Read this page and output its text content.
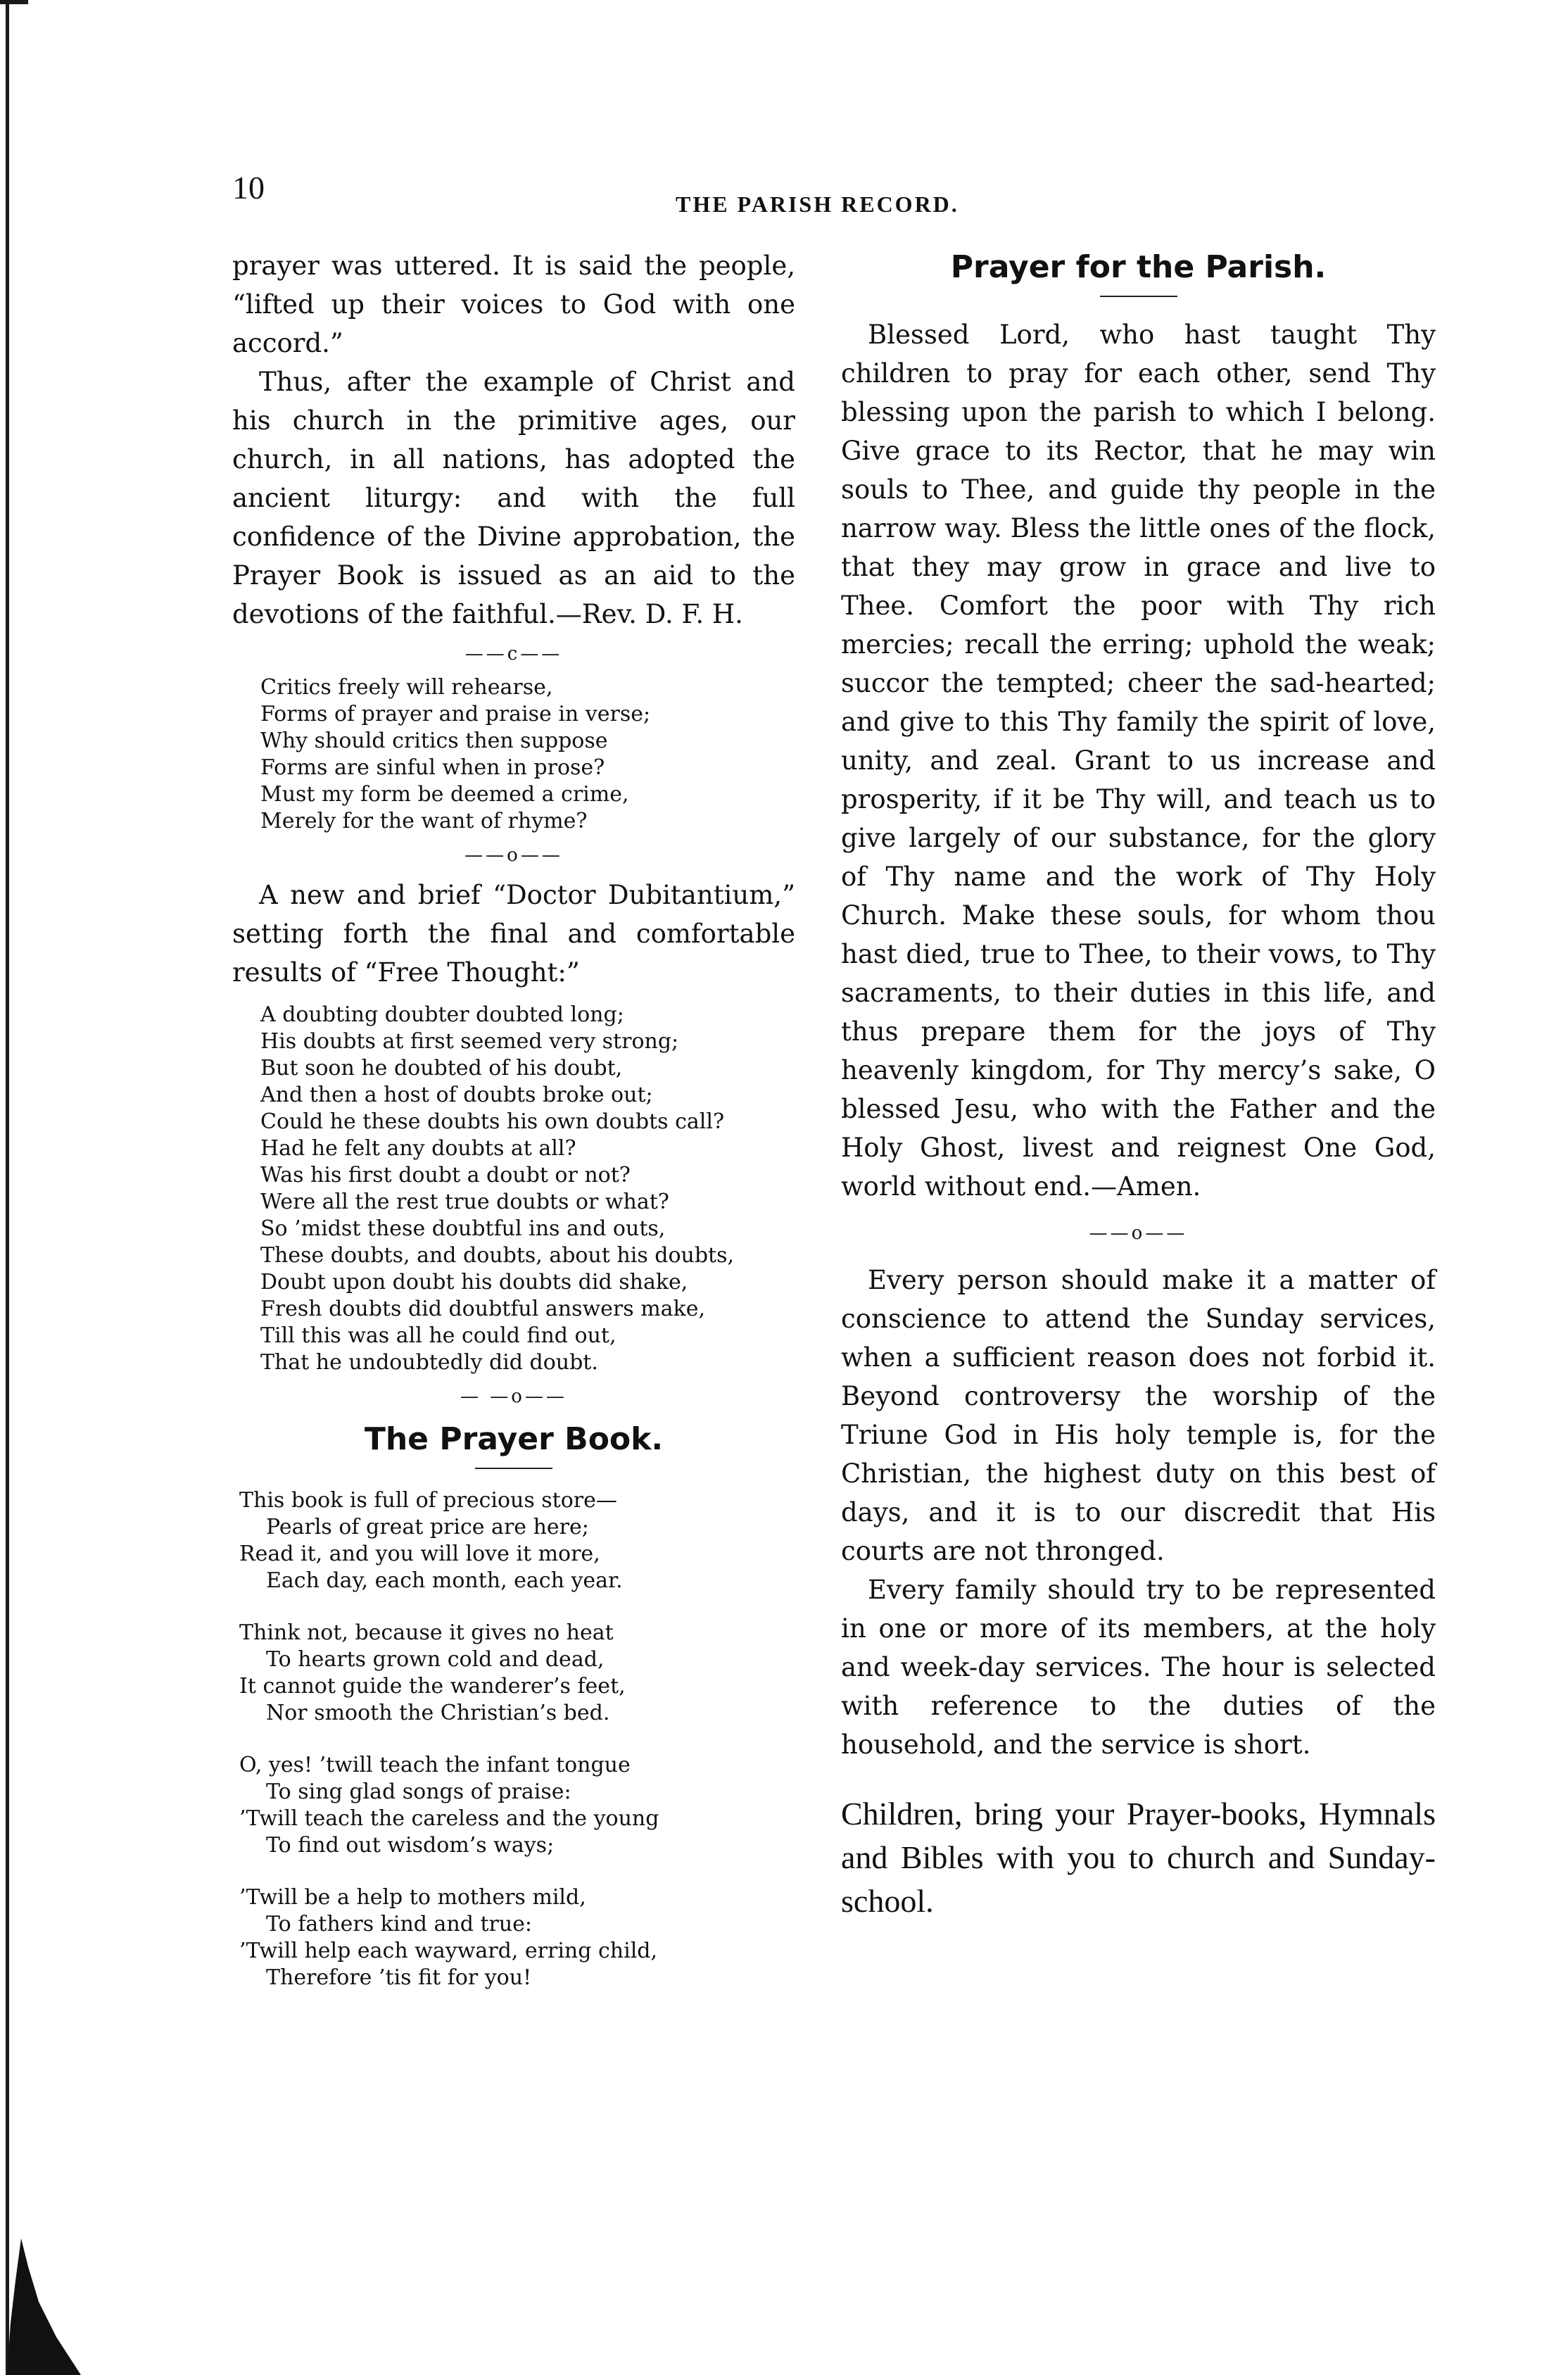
10	THE PARISH RECORD.

prayer was uttered. It is said the people, “lifted up their voices to God with one accord.”

Thus, after the example of Christ and his church in the primitive ages, our church, in all nations, has adopted the ancient liturgy: and with the full confidence of the Divine approbation, the Prayer Book is issued as an aid to the devotions of the faithful.—Rev. D. F. H.

——c——
Critics freely will rehearse,
Forms of prayer and praise in verse;
Why should critics then suppose
Forms are sinful when in prose?
Must my form be deemed a crime,
Merely for the want of rhyme?
——o——

A new and brief “Doctor Dubitantium,” setting forth the final and comfortable results of “Free Thought:”

A doubting doubter doubted long;
His doubts at first seemed very strong;
But soon he doubted of his doubt,
And then a host of doubts broke out;
Could he these doubts his own doubts call?
Had he felt any doubts at all?
Was his first doubt a doubt or not?
Were all the rest true doubts or what?
So ’midst these doubtful ins and outs,
These doubts, and doubts, about his doubts,
Doubt upon doubt his doubts did shake,
Fresh doubts did doubtful answers make,
Till this was all he could find out,
That he undoubtedly did doubt.
— —o——
The Prayer Book.
This book is full of precious store—
Pearls of great price are here;
Read it, and you will love it more,
Each day, each month, each year.
Think not, because it gives no heat
To hearts grown cold and dead,
It cannot guide the wanderer’s feet,
Nor smooth the Christian’s bed.
O, yes! ’twill teach the infant tongue
To sing glad songs of praise:
’Twill teach the careless and the young
To find out wisdom’s ways;
’Twill be a help to mothers mild,
To fathers kind and true:
’Twill help each wayward, erring child,
Therefore ’tis fit for you!
Prayer for the Parish.

Blessed Lord, who hast taught Thy children to pray for each other, send Thy blessing upon the parish to which I belong. Give grace to its Rector, that he may win souls to Thee, and guide thy people in the narrow way. Bless the little ones of the flock, that they may grow in grace and live to Thee. Comfort the poor with Thy rich mercies; recall the erring; uphold the weak; succor the tempted; cheer the sad-hearted; and give to this Thy family the spirit of love, unity, and zeal. Grant to us increase and prosperity, if it be Thy will, and teach us to give largely of our substance, for the glory of Thy name and the work of Thy Holy Church. Make these souls, for whom thou hast died, true to Thee, to their vows, to Thy sacraments, to their duties in this life, and thus prepare them for the joys of Thy heavenly kingdom, for Thy mercy’s sake, O blessed Jesu, who with the Father and the Holy Ghost, livest and reignest One God, world without end.—Amen.

——o——

Every person should make it a matter of conscience to attend the Sunday services, when a sufficient reason does not forbid it. Beyond controversy the worship of the Triune God in His holy temple is, for the Christian, the highest duty on this best of days, and it is to our discredit that His courts are not thronged.

Every family should try to be represented in one or more of its members, at the holy and week-day services. The hour is selected with reference to the duties of the household, and the service is short.

Children, bring your Prayer-books, Hymnals and Bibles with you to church and Sunday-school.
